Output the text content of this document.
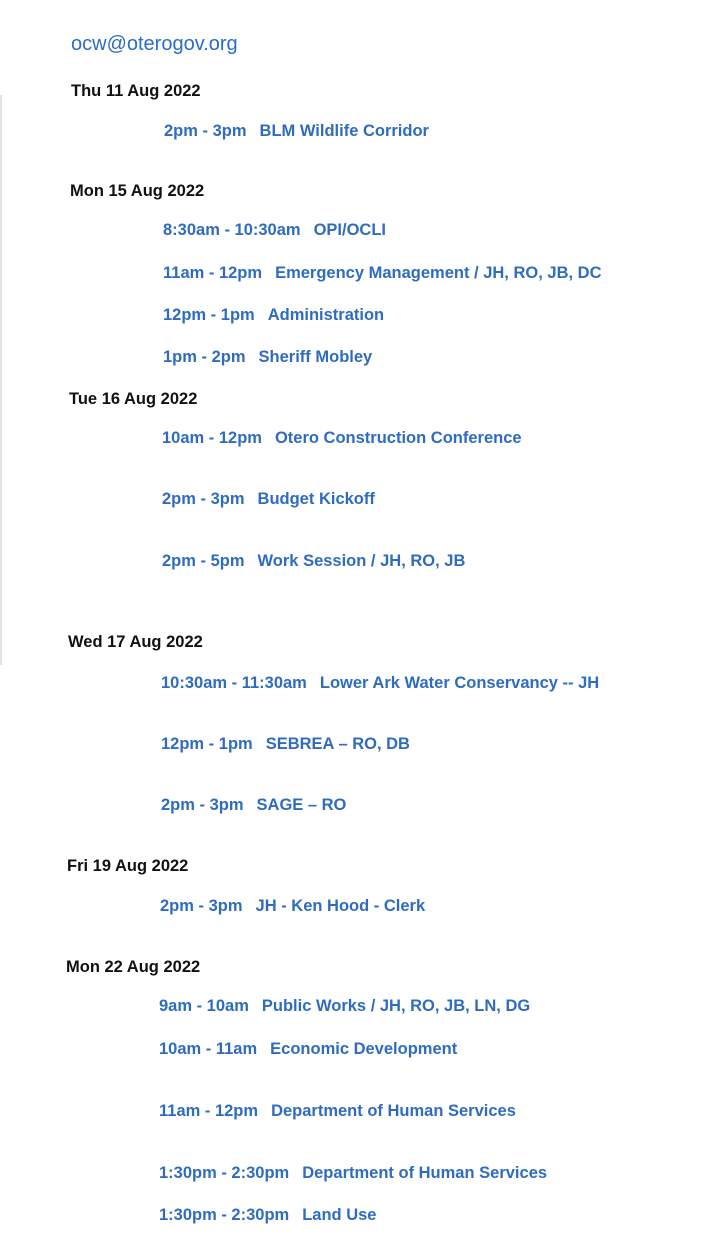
ocw@oterogov.org
Thu 11 Aug 2022
2pm - 3pm BLM Wildlife Corridor
Mon 15 Aug 2022
8:30am - 10:30am OPI/OCLI
11am - 12pm Emergency Management / JH, RO, JB, DC
12pm - 1pm Administration
1pm - 2pm Sheriff Mobley
Tue 16 Aug 2022
10am - 12pm Otero Construction Conference
2pm - 3pm Budget Kickoff
2pm - 5pm Work Session / JH, RO, JB
Wed 17 Aug 2022
10:30am - 11:30am Lower Ark Water Conservancy -- JH
12pm - 1pm SEBREA – RO, DB
2pm - 3pm SAGE – RO
Fri 19 Aug 2022
2pm - 3pm JH - Ken Hood - Clerk
Mon 22 Aug 2022
9am - 10am Public Works / JH, RO, JB, LN, DG
10am - 11am Economic Development
11am - 12pm Department of Human Services
1:30pm - 2:30pm Department of Human Services
1:30pm - 2:30pm Land Use
